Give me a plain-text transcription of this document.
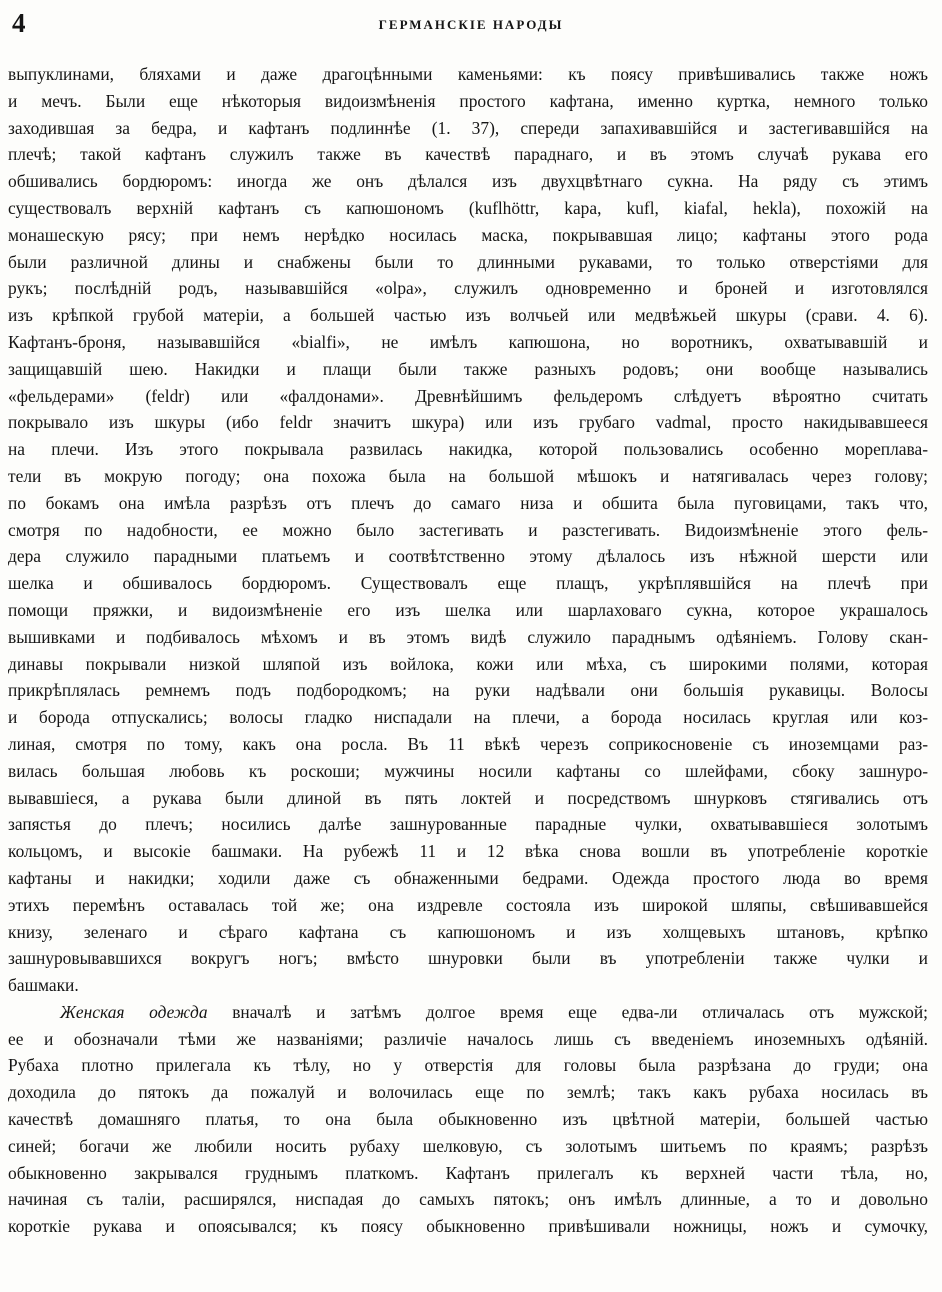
4	ГЕРМАНСКІЕ НАРОДЫ
выпуклинами, бляхами и даже драгоцѣнными каменьями: къ поясу привѣшивались также ножъ
и мечъ. Были еще нѣкоторыя видоизмѣненія простого кафтана, именно куртка, немного только
заходившая за бедра, и кафтанъ подлиннѣе (1. 37), спереди запахивавшійся и застегивавшійся на
плечѣ; такой кафтанъ служилъ также въ качествѣ параднаго, и въ этомъ случаѣ рукава его
обшивались бордюромъ: иногда же онъ дѣлался изъ двухцвѣтнаго сукна. На ряду съ этимъ
существовалъ верхній кафтанъ съ капюшономъ (kuflhöttr, kapa, kufl, kiafal, hekla), похожій на
монашескую рясу; при немъ нерѣдко носилась маска, покрывавшая лицо; кафтаны этого рода
были различной длины и снабжены были то длинными рукавами, то только отверстіями для
рукъ; послѣдній родъ, называвшійся «olpa», служилъ одновременно и броней и изготовлялся
изъ крѣпкой грубой матеріи, а большей частью изъ волчьей или медвѣжьей шкуры (срави. 4. 6).
Кафтанъ-броня, называвшійся «bialfi», не имѣлъ капюшона, но воротникъ, охватывавшій и
защищавшій шею. Накидки и плащи были также разныхъ родовъ; они вообще назывались
«фельдерами» (feldr) или «фалдонами». Древнѣйшимъ фельдеромъ слѣдуетъ вѣроятно считать
покрывало изъ шкуры (ибо feldr значитъ шкура) или изъ грубаго vadmal, просто накидывавшееся
на плечи. Изъ этого покрывала развилась накидка, которой пользовались особенно мореплава-
тели въ мокрую погоду; она похожа была на большой мѣшокъ и натягивалась через голову;
по бокамъ она имѣла разрѣзъ отъ плечъ до самаго низа и обшита была пуговицами, такъ что,
смотря по надобности, ее можно было застегивать и разстегивать. Видоизмѣненіе этого фель-
дера служило парадными платьемъ и соотвѣтственно этому дѣлалось изъ нѣжной шерсти или
шелка и обшивалось бордюромъ. Существовалъ еще плащъ, укрѣплявшійся на плечѣ при
помощи пряжки, и видоизмѣненіе его изъ шелка или шарлаховаго сукна, которое украшалось
вышивками и подбивалось мѣхомъ и въ этомъ видѣ служило параднымъ одѣяніемъ. Голову скан-
динавы покрывали низкой шляпой изъ войлока, кожи или мѣха, съ широкими полями, которая
прикрѣплялась ремнемъ подъ подбородкомъ; на руки надѣвали они большія рукавицы. Волосы
и борода отпускались; волосы гладко ниспадали на плечи, а борода носилась круглая или коз-
линая, смотря по тому, какъ она росла. Въ 11 вѣкѣ черезъ соприкосновеніе съ иноземцами раз-
вилась большая любовь къ роскоши; мужчины носили кафтаны со шлейфами, сбоку зашнуро-
вывавшіеся, а рукава были длиной въ пять локтей и посредствомъ шнурковъ стягивались отъ
запястья до плечъ; носились далѣе зашнурованные парадные чулки, охватывавшіеся золотымъ
кольцомъ, и высокіе башмаки. На рубежѣ 11 и 12 вѣка снова вошли въ употребленіе короткіе
кафтаны и накидки; ходили даже съ обнаженными бедрами. Одежда простого люда во время
этихъ перемѣнъ оставалась той же; она издревле состояла изъ широкой шляпы, свѣшивавшейся
книзу, зеленаго и сѣраго кафтана съ капюшономъ и изъ холщевыхъ штановъ, крѣпко
зашнуровывавшихся вокругъ ногъ; вмѣсто шнуровки были въ употребленіи также чулки и
башмаки.
Женская одежда вначалѣ и затѣмъ долгое время еще едва-ли отличалась отъ мужской;
ее и обозначали тѣми же названіями; различіе началось лишь съ введеніемъ иноземныхъ одѣяній.
Рубаха плотно прилегала къ тѣлу, но у отверстія для головы была разрѣзана до груди; она
доходила до пятокъ да пожалуй и волочилась еще по землѣ; такъ какъ рубаха носилась въ
качествѣ домашняго платья, то она была обыкновенно изъ цвѣтной матеріи, большей частью
синей; богачи же любили носить рубаху шелковую, съ золотымъ шитьемъ по краямъ; разрѣзъ
обыкновенно закрывался груднымъ платкомъ. Кафтанъ прилегалъ къ верхней части тѣла, но,
начиная съ таліи, расширялся, ниспадая до самыхъ пятокъ; онъ имѣлъ длинные, а то и довольно
короткіе рукава и опоясывался; къ поясу обыкновенно привѣшивали ножницы, ножъ и сумочку,
